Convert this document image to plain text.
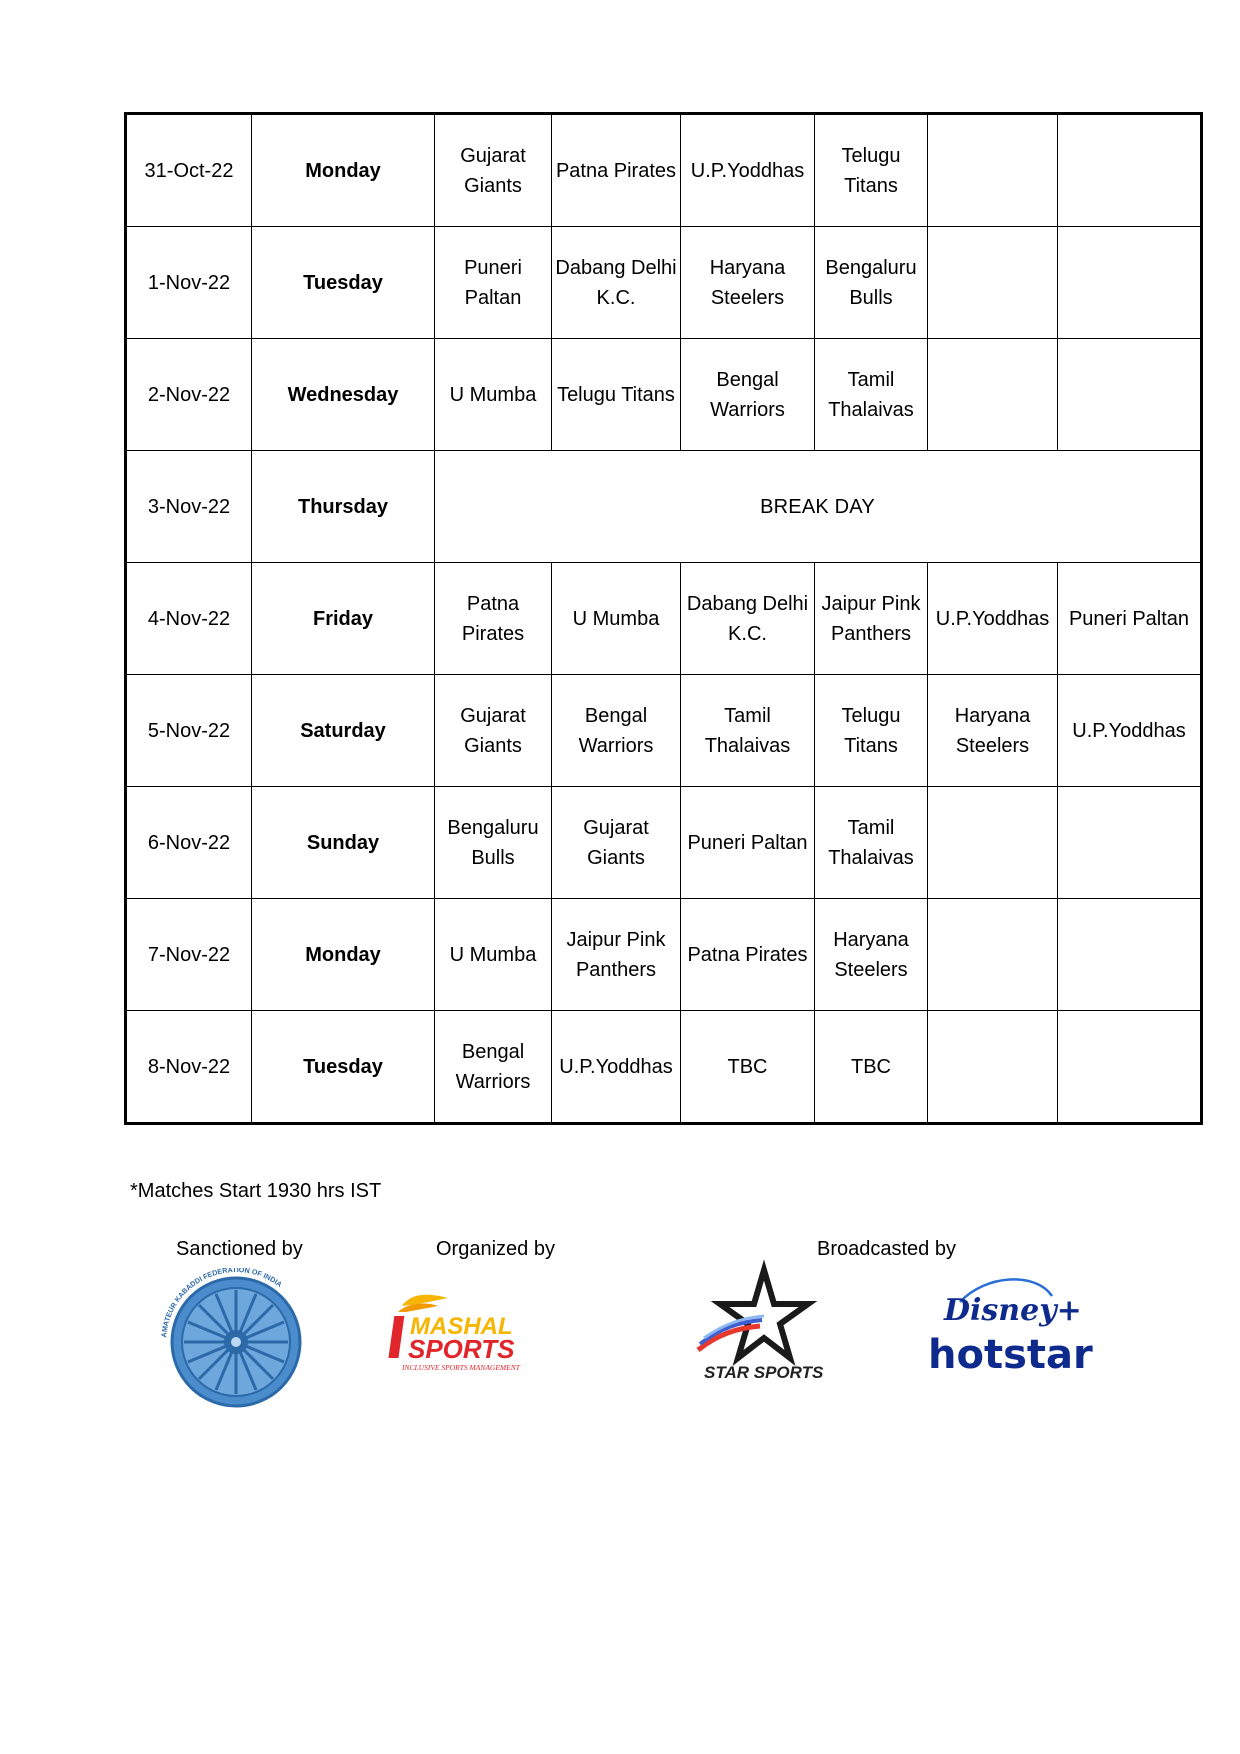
31-Oct-22	Monday	Gujarat Giants	Patna Pirates	U.P.Yoddhas	Telugu Titans		
1-Nov-22	Tuesday	Puneri Paltan	Dabang Delhi K.C.	Haryana Steelers	Bengaluru Bulls		
2-Nov-22	Wednesday	U Mumba	Telugu Titans	Bengal Warriors	Tamil Thalaivas		
3-Nov-22	Thursday	BREAK DAY					
4-Nov-22	Friday	Patna Pirates	U Mumba	Dabang Delhi K.C.	Jaipur Pink Panthers	U.P.Yoddhas	Puneri Paltan
5-Nov-22	Saturday	Gujarat Giants	Bengal Warriors	Tamil Thalaivas	Telugu Titans	Haryana Steelers	U.P.Yoddhas
6-Nov-22	Sunday	Bengaluru Bulls	Gujarat Giants	Puneri Paltan	Tamil Thalaivas		
7-Nov-22	Monday	U Mumba	Jaipur Pink Panthers	Patna Pirates	Haryana Steelers		
8-Nov-22	Tuesday	Bengal Warriors	U.P.Yoddhas	TBC	TBC		
*Matches Start 1930 hrs IST
Sanctioned by	Organized by	Broadcasted by
AMATEUR KABADDI FEDERATION OF INDIA
MASHAL
SPORTS
INCLUSIVE SPORTS MANAGEMENT	STAR SPORTS
Disney+
hotstar
